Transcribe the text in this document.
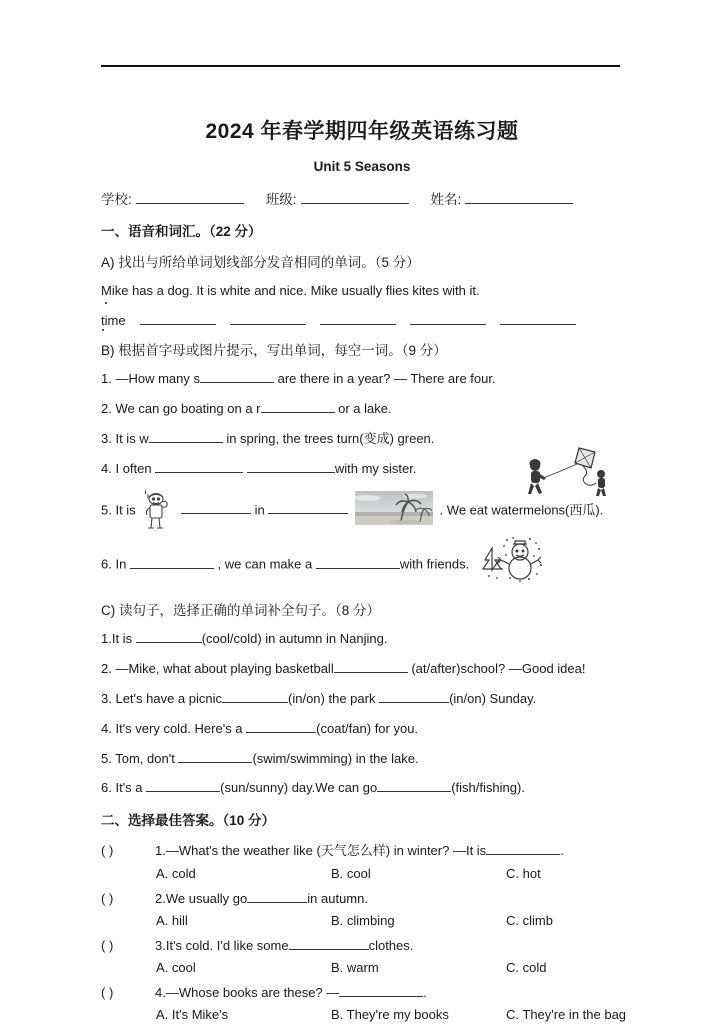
2024 年春学期四年级英语练习题
Unit 5 Seasons
学校:	班级:	姓名:
一、语音和词汇。（22 分）
A) 找出与所给单词划线部分发音相同的单词。（5 分）
Mike has a dog. It is white and nice. Mike usually flies kites with it.
time
B) 根据首字母或图片提示，写出单词，每空一词。（9 分）
1. —How many s	are there in a year? — There are four.
2. We can go boating on a r	or a lake.
3. It is w	in spring, the trees turn(变成) green.
4. I often	with my sister.
5. It is	in	. We eat watermelons(西瓜).
6. In	, we can make a	with friends.
C) 读句子，选择正确的单词补全句子。（8 分）
1.It is	(cool/cold) in autumn in Nanjing.
2. —Mike, what about playing basketball	(at/after)school? —Good idea!
3. Let's have a picnic	(in/on) the park	(in/on) Sunday.
4. It's very cold. Here's a	(coat/fan) for you.
5. Tom, don't	(swim/swimming) in the lake.
6. It's a	(sun/sunny) day.We can go	(fish/fishing).
二、选择最佳答案。（10 分）
( )	1. —What's the weather like (天气怎么样) in winter? —It is	.
A. cold	B. cool	C. hot
( )	2. We usually go	in autumn.
A. hill	B. climbing	C. climb
( )	3. It's cold. I'd like some	clothes.
A. cool	B. warm	C. cold
( )	4. —Whose books are these? —	.
A. It's Mike's	B. They're my books	C. They're in the bag
